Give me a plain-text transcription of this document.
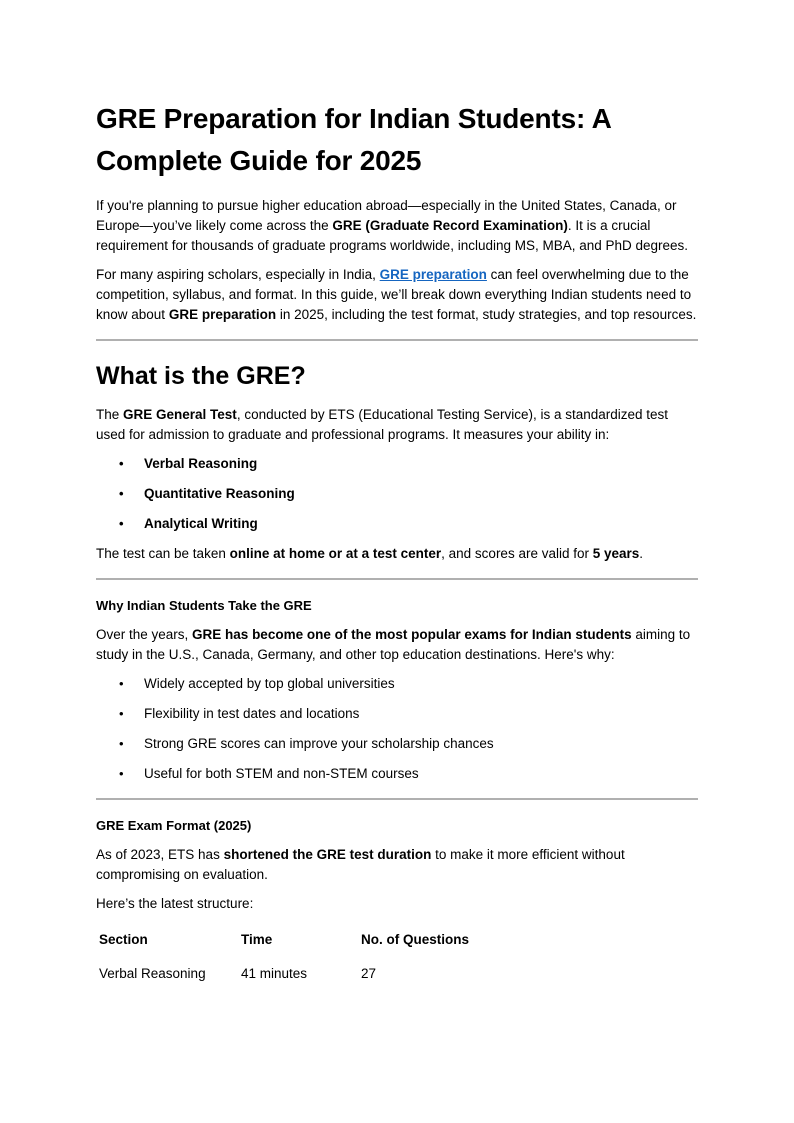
GRE Preparation for Indian Students: A Complete Guide for 2025

If you're planning to pursue higher education abroad—especially in the United States, Canada, or Europe—you’ve likely come across the GRE (Graduate Record Examination). It is a crucial requirement for thousands of graduate programs worldwide, including MS, MBA, and PhD degrees.

For many aspiring scholars, especially in India, GRE preparation can feel overwhelming due to the competition, syllabus, and format. In this guide, we’ll break down everything Indian students need to know about GRE preparation in 2025, including the test format, study strategies, and top resources.

What is the GRE?

The GRE General Test, conducted by ETS (Educational Testing Service), is a standardized test used for admission to graduate and professional programs. It measures your ability in:

• Verbal Reasoning
• Quantitative Reasoning
• Analytical Writing

The test can be taken online at home or at a test center, and scores are valid for 5 years.

Why Indian Students Take the GRE

Over the years, GRE has become one of the most popular exams for Indian students aiming to study in the U.S., Canada, Germany, and other top education destinations. Here's why:

• Widely accepted by top global universities
• Flexibility in test dates and locations
• Strong GRE scores can improve your scholarship chances
• Useful for both STEM and non-STEM courses
GRE Exam Format (2025)

As of 2023, ETS has shortened the GRE test duration to make it more efficient without compromising on evaluation.

Here’s the latest structure:

Section	Time	No. of Questions
Verbal Reasoning	41 minutes	27
